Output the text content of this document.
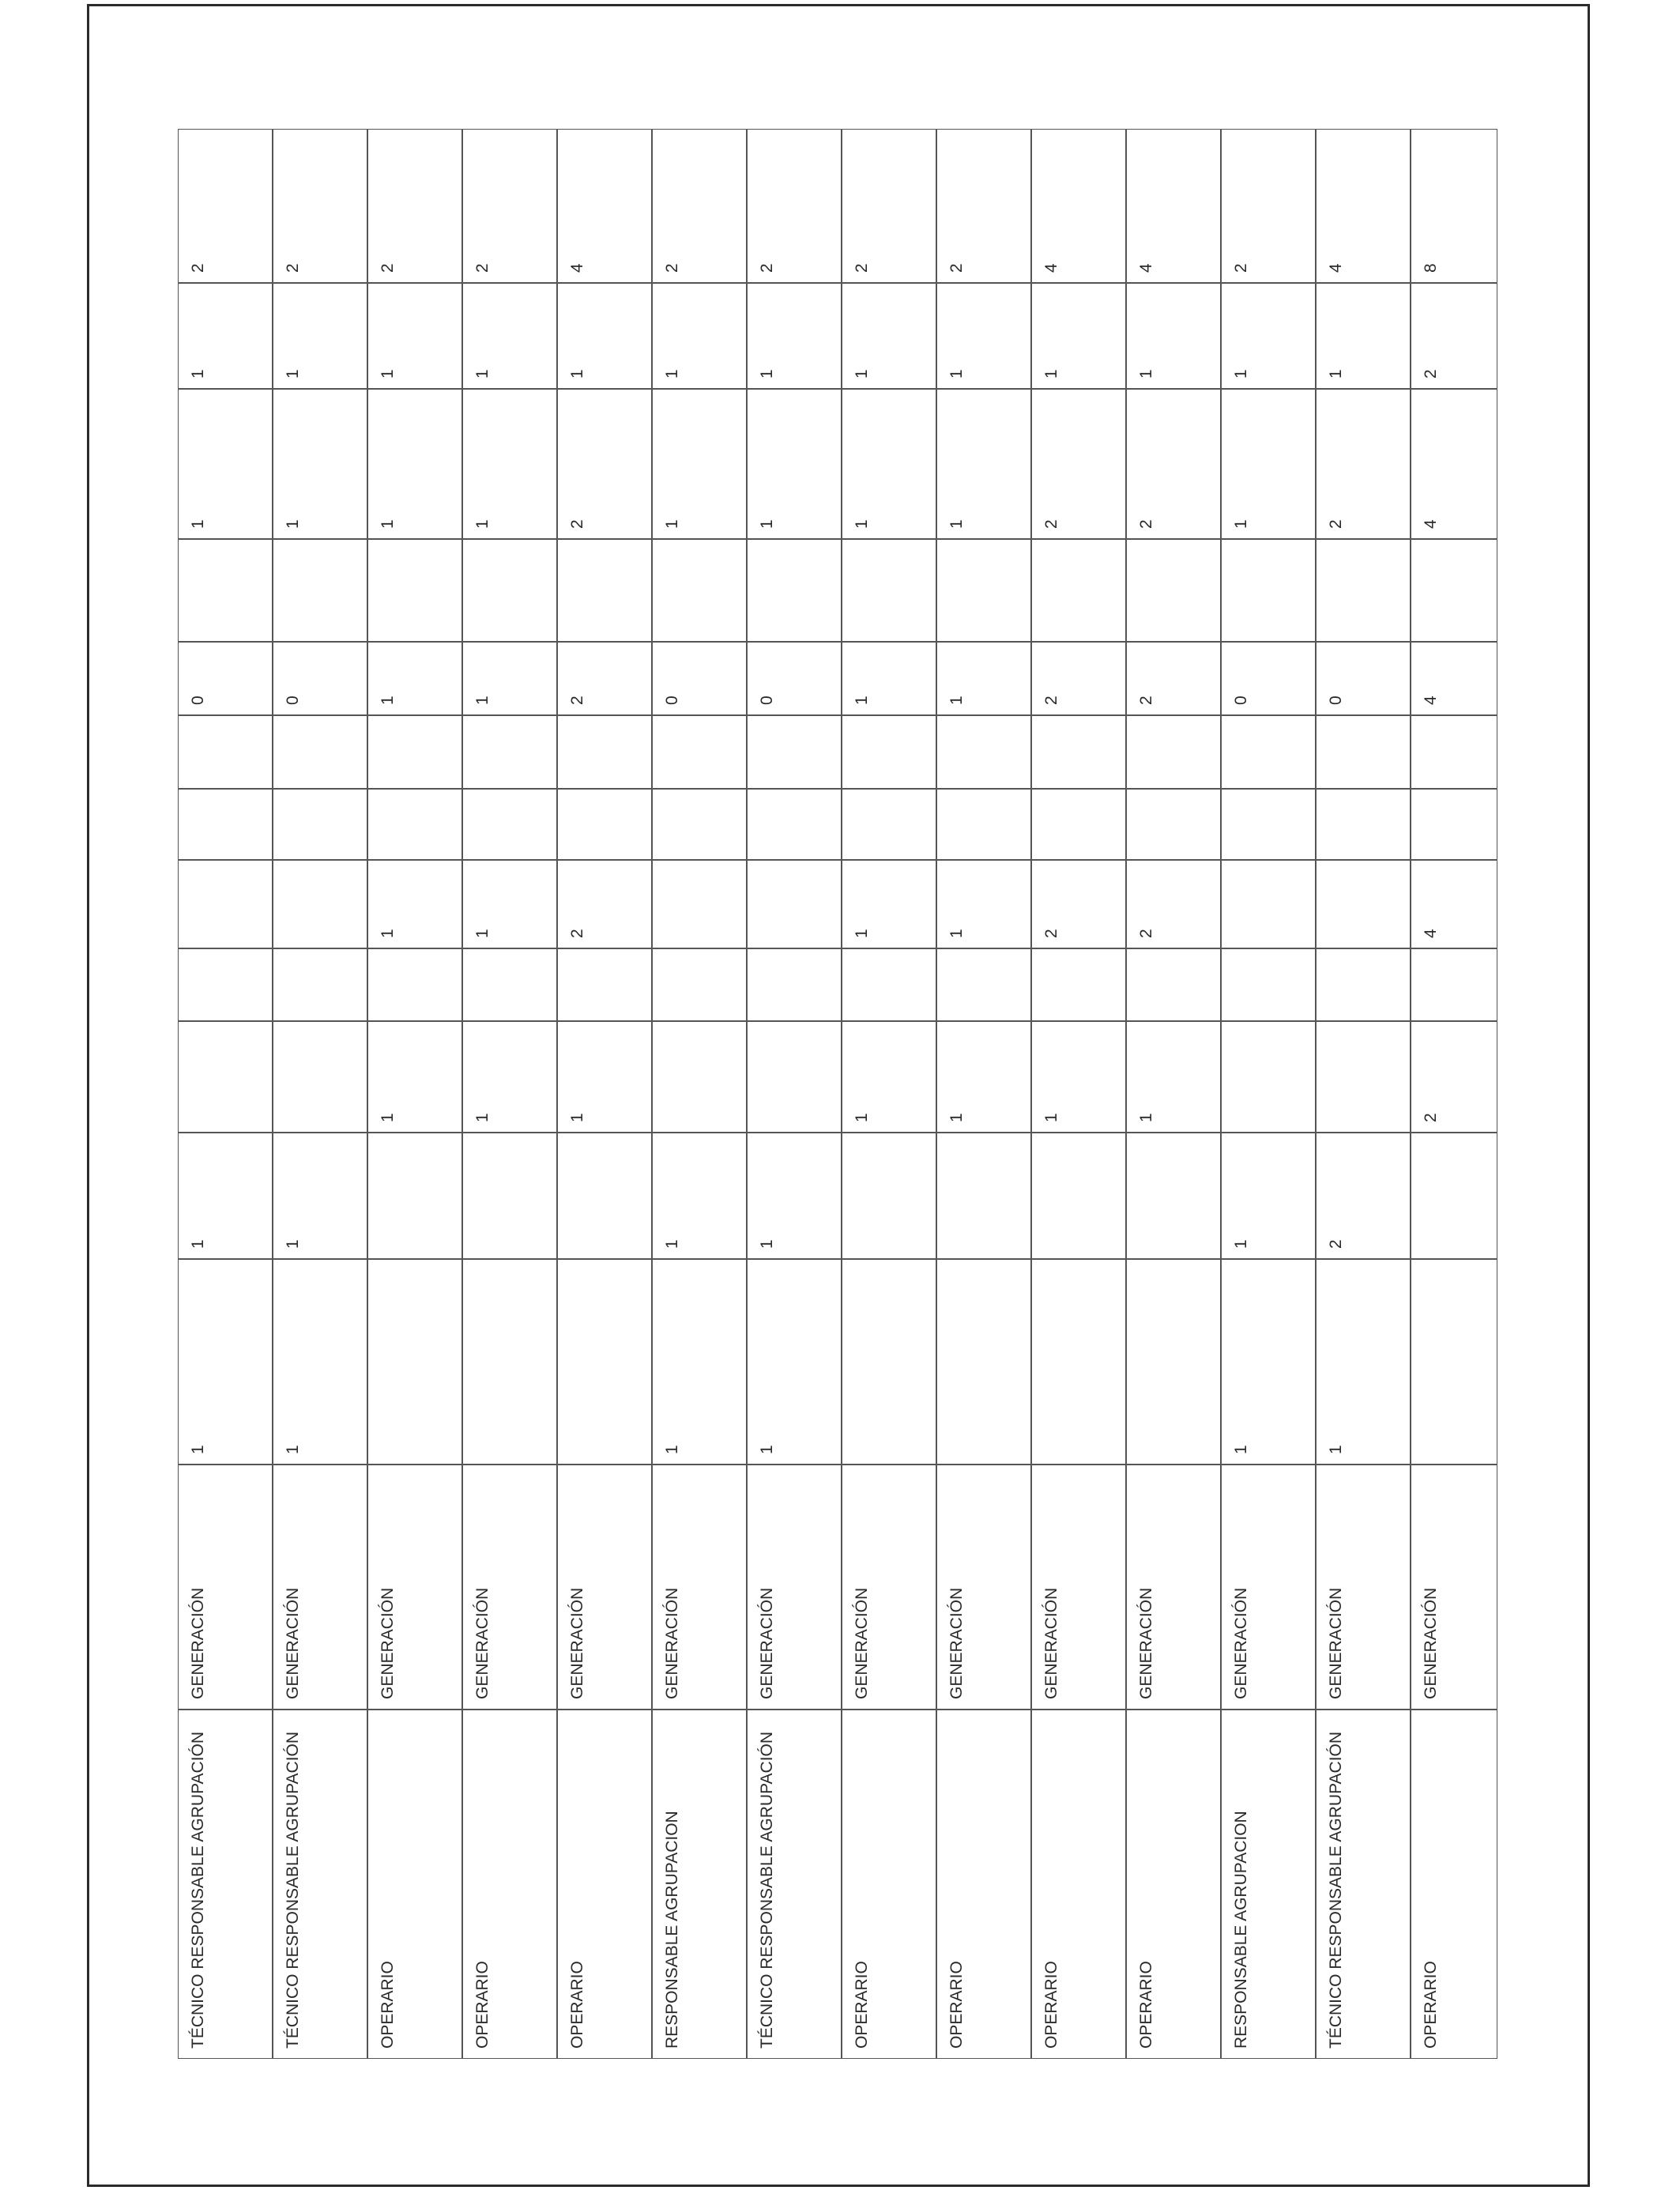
2
1
1
0
1
1
GENERACIÓN
TÉCNICO RESPONSABLE AGRUPACIÓN
2
1
1
0
1
1
GENERACIÓN
TÉCNICO RESPONSABLE AGRUPACIÓN
2
1
1
1
1
1
GENERACIÓN
OPERARIO
2
1
1
1
1
1
GENERACIÓN
OPERARIO
4
1
2
2
2
1
GENERACIÓN
OPERARIO
2
1
1
0
1
1
GENERACIÓN
RESPONSABLE AGRUPACION
2
1
1
0
1
1
GENERACIÓN
TÉCNICO RESPONSABLE AGRUPACIÓN
2
1
1
1
1
1
GENERACIÓN
OPERARIO
2
1
1
1
1
1
GENERACIÓN
OPERARIO
4
1
2
2
2
1
GENERACIÓN
OPERARIO
4
1
2
2
2
1
GENERACIÓN
OPERARIO
2
1
1
0
1
1
GENERACIÓN
RESPONSABLE AGRUPACION
4
1
2
0
2
1
GENERACIÓN
TÉCNICO RESPONSABLE AGRUPACIÓN
8
2
4
4
4
2
GENERACIÓN
OPERARIO
